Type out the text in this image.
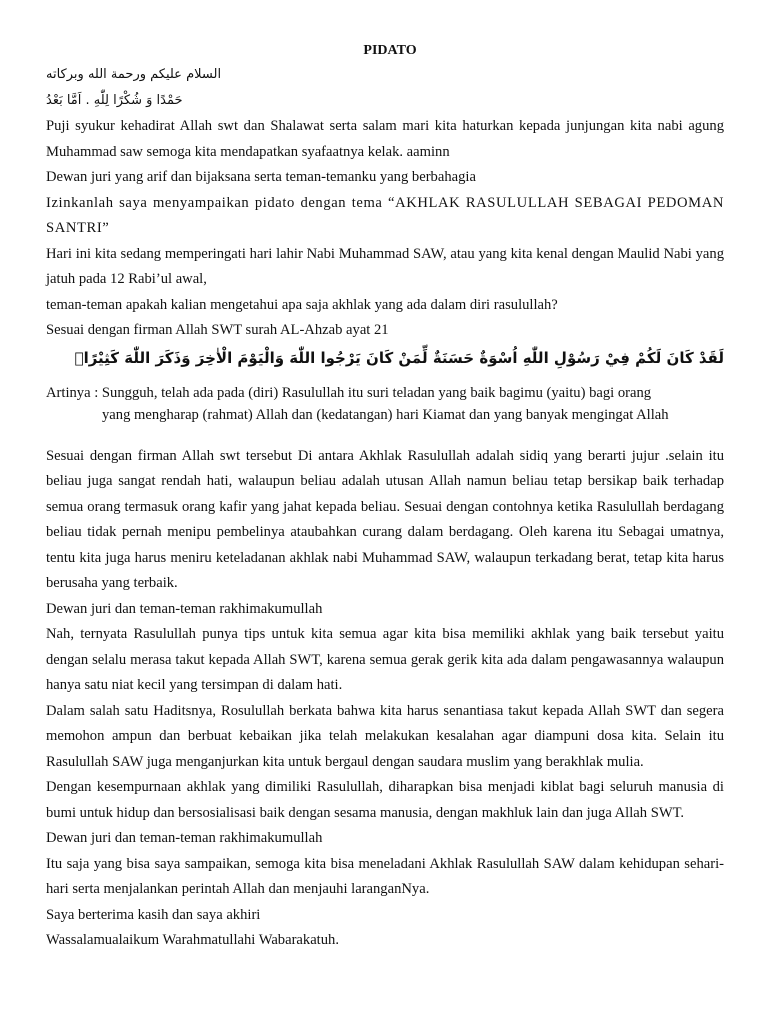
PIDATO
السلام عليكم ورحمة الله وبركاته
حَمْدًا وَ شُكْرًا لِلّٰهِ . اَمَّا بَعْدُ
Puji syukur kehadirat Allah swt dan Shalawat serta salam mari kita haturkan kepada junjungan kita nabi agung Muhammad saw semoga kita mendapatkan syafaatnya kelak. aaminn
Dewan juri yang arif dan bijaksana serta teman-temanku yang berbahagia
Izinkanlah saya menyampaikan pidato dengan tema “AKHLAK RASULULLAH SEBAGAI PEDOMAN SANTRI”
Hari ini kita sedang memperingati hari lahir Nabi Muhammad SAW, atau yang kita kenal dengan Maulid Nabi yang jatuh pada 12 Rabi’ul awal,
teman-teman apakah kalian mengetahui apa saja akhlak yang ada dalam diri rasulullah?
Sesuai dengan firman Allah SWT surah AL-Ahzab ayat 21
لَقَدْ كَانَ لَكُمْ فِيْ رَسُوْلِ اللّٰهِ اُسْوَةٌ حَسَنَةٌ لِّمَنْ كَانَ يَرْجُوا اللّٰهَ وَالْيَوْمَ الْاٰخِرَ وَذَكَرَ اللّٰهَ كَثِيْرًاۗ
Artinya : Sungguh, telah ada pada (diri) Rasulullah itu suri teladan yang baik bagimu (yaitu) bagi orang
yang mengharap (rahmat) Allah dan (kedatangan) hari Kiamat dan yang banyak mengingat Allah
Sesuai dengan firman Allah swt tersebut Di antara Akhlak Rasulullah adalah sidiq yang berarti jujur .selain itu beliau juga sangat rendah hati, walaupun beliau adalah utusan Allah namun beliau tetap bersikap baik terhadap semua orang termasuk orang kafir yang jahat kepada beliau. Sesuai dengan contohnya ketika Rasulullah berdagang beliau tidak pernah menipu pembelinya ataubahkan curang dalam berdagang. Oleh karena itu Sebagai umatnya, tentu kita juga harus meniru keteladanan akhlak nabi Muhammad SAW, walaupun terkadang berat, tetap kita harus berusaha yang terbaik.
Dewan juri dan teman-teman rakhimakumullah
Nah, ternyata Rasulullah punya tips untuk kita semua agar kita bisa memiliki akhlak yang baik tersebut yaitu dengan selalu merasa takut kepada Allah SWT, karena semua gerak gerik kita ada dalam pengawasannya walaupun hanya satu niat kecil yang tersimpan di dalam hati.
Dalam salah satu Haditsnya, Rosulullah berkata bahwa kita harus senantiasa takut kepada Allah SWT dan segera memohon ampun dan berbuat kebaikan jika telah melakukan kesalahan agar diampuni dosa kita. Selain itu Rasulullah SAW juga menganjurkan kita untuk bergaul dengan saudara muslim yang berakhlak mulia.
Dengan kesempurnaan akhlak yang dimiliki Rasulullah, diharapkan bisa menjadi kiblat bagi seluruh manusia di bumi untuk hidup dan bersosialisasi baik dengan sesama manusia, dengan makhluk lain dan juga Allah SWT.
Dewan juri dan teman-teman rakhimakumullah
Itu saja yang bisa saya sampaikan, semoga kita bisa meneladani Akhlak Rasulullah SAW dalam kehidupan sehari-hari serta menjalankan perintah Allah dan menjauhi laranganNya.
Saya berterima kasih dan saya akhiri
Wassalamualaikum Warahmatullahi Wabarakatuh.
